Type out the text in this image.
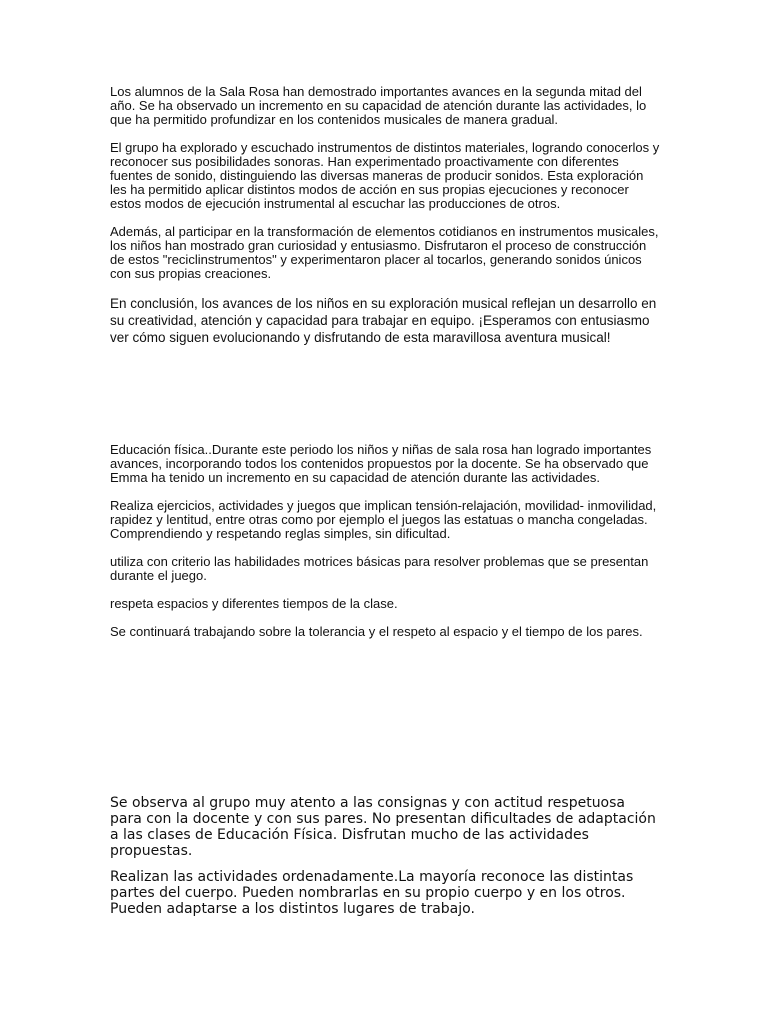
Los alumnos de la Sala Rosa han demostrado importantes avances en la segunda mitad del año. Se ha observado un incremento en su capacidad de atención durante las actividades, lo que ha permitido profundizar en los contenidos musicales de manera gradual.

El grupo ha explorado y escuchado instrumentos de distintos materiales, logrando conocerlos y reconocer sus posibilidades sonoras. Han experimentado proactivamente con diferentes fuentes de sonido, distinguiendo las diversas maneras de producir sonidos. Esta exploración les ha permitido aplicar distintos modos de acción en sus propias ejecuciones y reconocer estos modos de ejecución instrumental al escuchar las producciones de otros.

Además, al participar en la transformación de elementos cotidianos en instrumentos musicales, los niños han mostrado gran curiosidad y entusiasmo. Disfrutaron el proceso de construcción de estos "reciclinstrumentos" y experimentaron placer al tocarlos, generando sonidos únicos con sus propias creaciones.

En conclusión, los avances de los niños en su exploración musical reflejan un desarrollo en su creatividad, atención y capacidad para trabajar en equipo. ¡Esperamos con entusiasmo ver cómo siguen evolucionando y disfrutando de esta maravillosa aventura musical!

Educación física..Durante este periodo los niños y niñas de sala rosa han logrado importantes avances, incorporando todos los contenidos propuestos por la docente. Se ha observado que Emma ha tenido un incremento en su capacidad de atención durante las actividades.

Realiza ejercicios, actividades y juegos que implican tensión-relajación, movilidad- inmovilidad, rapidez y lentitud, entre otras como por ejemplo el juegos las estatuas o mancha congeladas. Comprendiendo y respetando reglas simples, sin dificultad.

utiliza con criterio las habilidades motrices básicas para resolver problemas que se presentan durante el juego.

respeta espacios y diferentes tiempos de la clase.

Se continuará trabajando sobre la tolerancia y el respeto al espacio y el tiempo de los pares.

Se observa al grupo muy atento a las consignas y con actitud respetuosa para con la docente y con sus pares. No presentan dificultades de adaptación a las clases de Educación Física. Disfrutan mucho de las actividades propuestas.

Realizan las actividades ordenadamente.La mayoría reconoce las distintas partes del cuerpo. Pueden nombrarlas en su propio cuerpo y en los otros. Pueden adaptarse a los distintos lugares de trabajo.
